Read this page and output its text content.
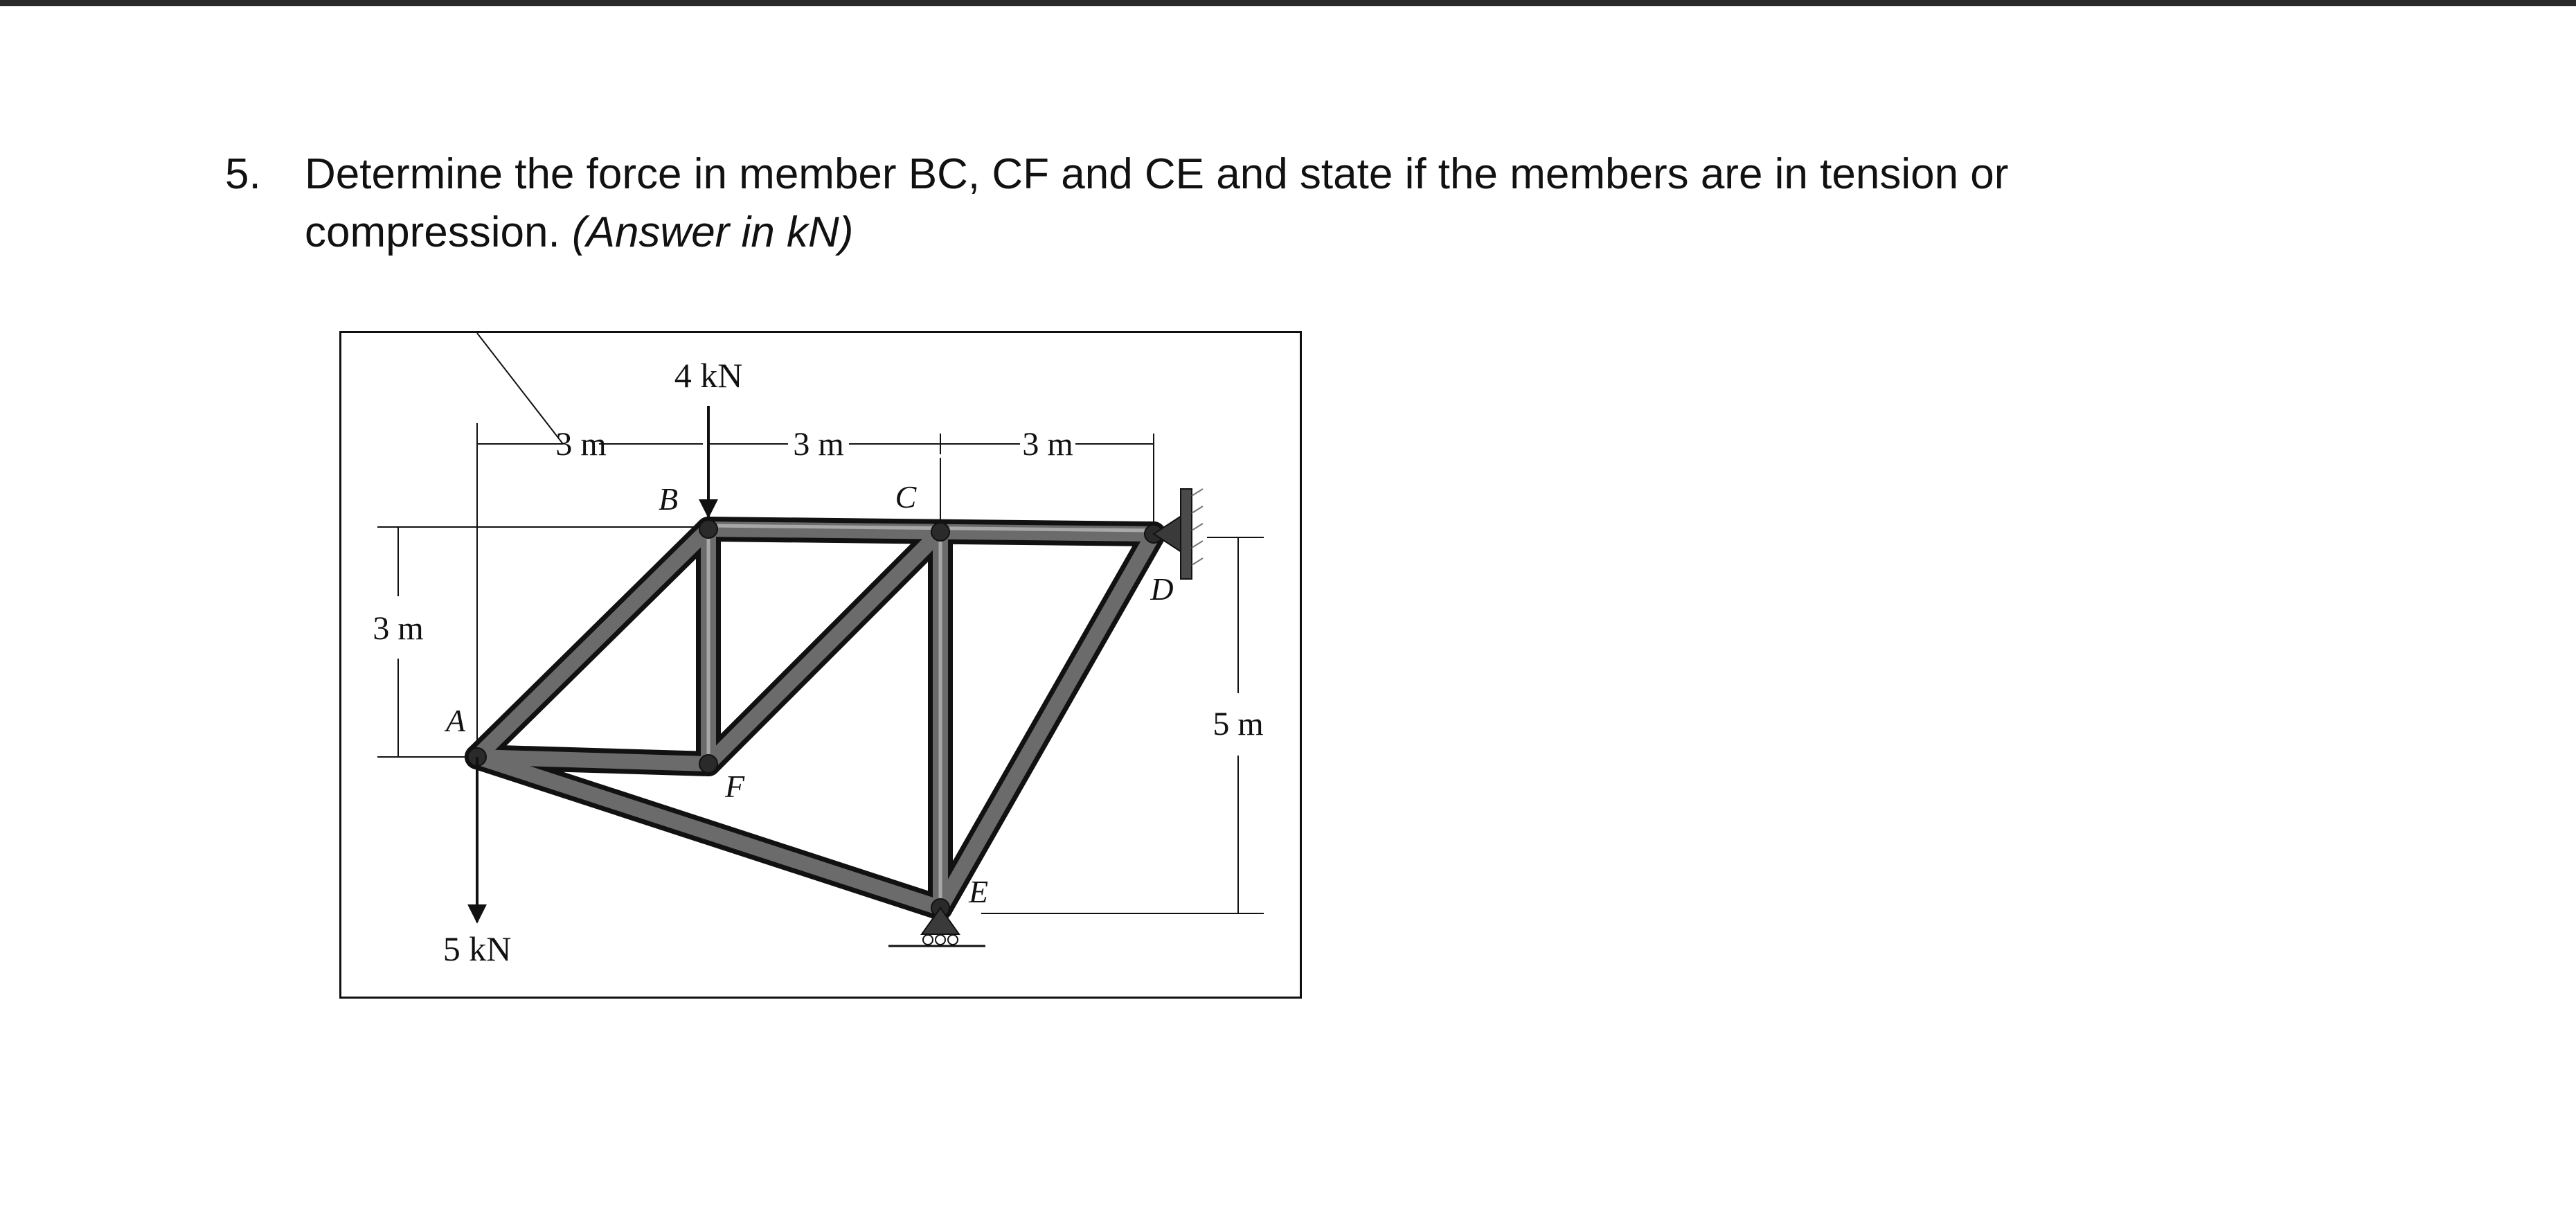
5. Determine the force in member BC, CF and CE and state if the members are in tension or
compression. (Answer in kN)
4 kN
5 kN
3 m	3 m	3 m
3 m
5 m
A
B	C
D
E
F
